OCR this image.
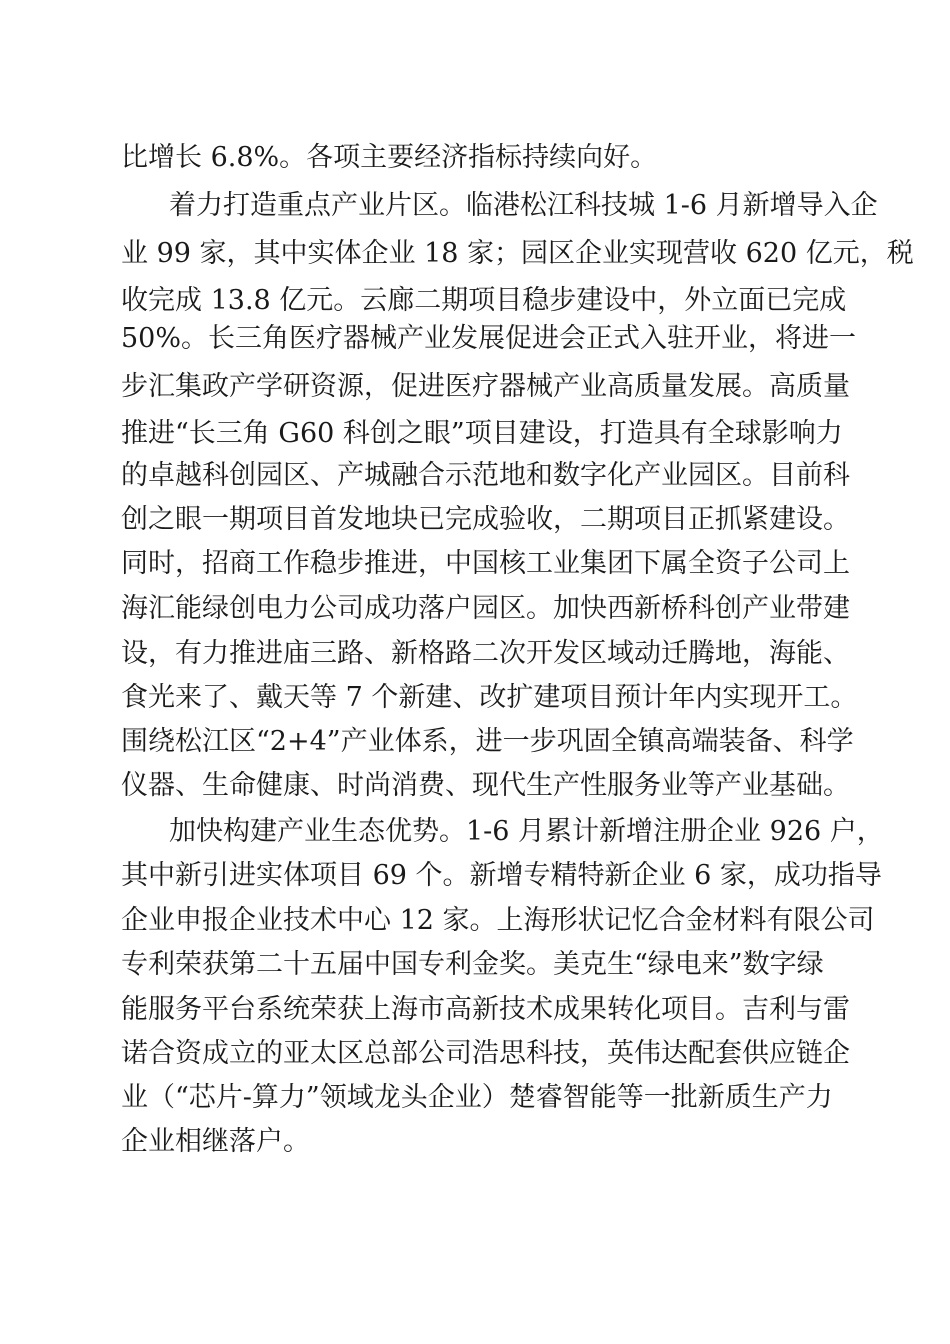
比增长 6.8%。各项主要经济指标持续向好。
着力打造重点产业片区。临港松江科技城 1-6 月新增导入企
业 99 家，其中实体企业 18 家；园区企业实现营收 620 亿元，税
收完成 13.8 亿元。云廊二期项目稳步建设中，外立面已完成
50%。长三角医疗器械产业发展促进会正式入驻开业，将进一
步汇集政产学研资源，促进医疗器械产业高质量发展。高质量
推进“长三角 G60 科创之眼”项目建设，打造具有全球影响力
的卓越科创园区、产城融合示范地和数字化产业园区。目前科
创之眼一期项目首发地块已完成验收，二期项目正抓紧建设。
同时，招商工作稳步推进，中国核工业集团下属全资子公司上
海汇能绿创电力公司成功落户园区。加快西新桥科创产业带建
设，有力推进庙三路、新格路二次开发区域动迁腾地，海能、
食光来了、戴天等 7 个新建、改扩建项目预计年内实现开工。
围绕松江区“2+4”产业体系，进一步巩固全镇高端装备、科学
仪器、生命健康、时尚消费、现代生产性服务业等产业基础。
加快构建产业生态优势。1-6 月累计新增注册企业 926 户，
其中新引进实体项目 69 个。新增专精特新企业 6 家，成功指导
企业申报企业技术中心 12 家。上海形状记忆合金材料有限公司
专利荣获第二十五届中国专利金奖。美克生“绿电来”数字绿
能服务平台系统荣获上海市高新技术成果转化项目。吉利与雷
诺合资成立的亚太区总部公司浩思科技，英伟达配套供应链企
业（“芯片-算力”领域龙头企业）楚睿智能等一批新质生产力
企业相继落户。
